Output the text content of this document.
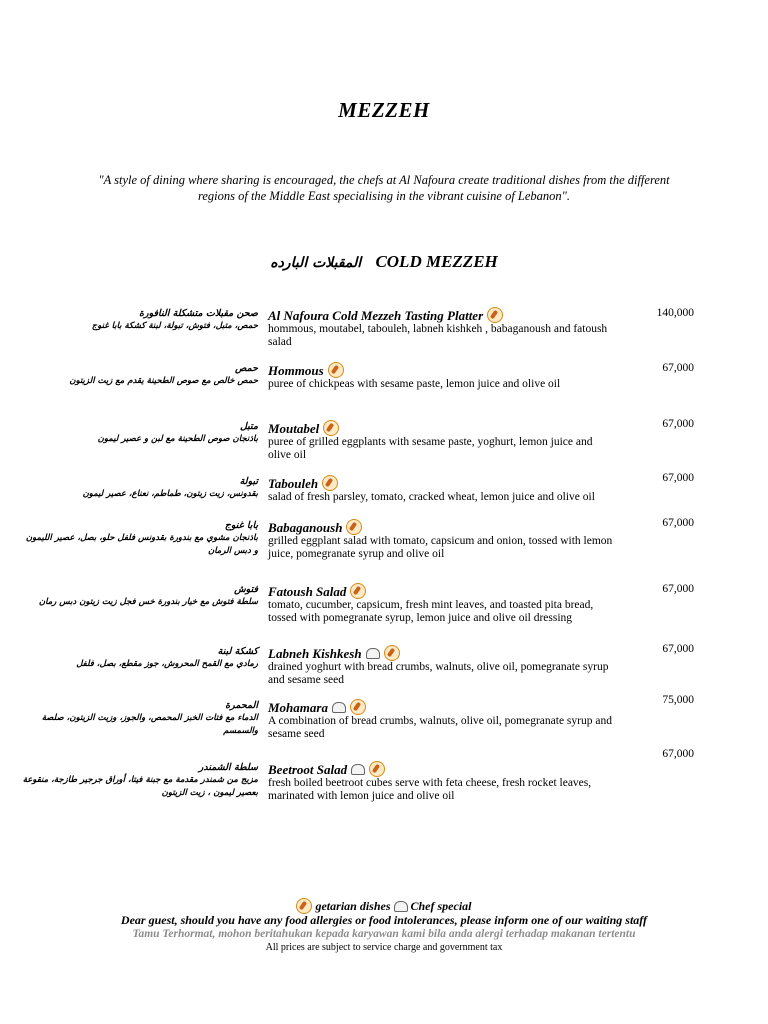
MEZZEH
"A style of dining where sharing is encouraged, the chefs at Al Nafoura create traditional dishes from the different regions of the Middle East specialising in the vibrant cuisine of Lebanon".
المقبلات البارده COLD MEZZEH
صحن مقبلات متشكلة النافورة
حمص، متبل، فتوش، تبولة، لبنة كشكة بابا غنوج
Al Nafoura Cold Mezzeh Tasting Platter
hommous, moutabel, tabouleh, labneh kishkeh , babaganoush and fatoush salad
140,000
حمص
حمص خالص مع صوص الطحينة يقدم مع زيت الزيتون
Hommous
puree of chickpeas with sesame paste, lemon juice and olive oil
67,000
متبل
باذنجان صوص الطحينة مع لبن و عصير ليمون
Moutabel
puree of grilled eggplants with sesame paste, yoghurt, lemon juice and olive oil
67,000
تبولة
بقدونس، زيت زيتون، طماطم، نعناع، عصير ليمون
Tabouleh
salad of fresh parsley, tomato, cracked wheat, lemon juice and olive oil
67,000
بابا غنوج
باذنجان مشوي مع بندورة بقدونس فلفل حلو، بصل، عصير الليمون و دبس الرمان
Babaganoush
grilled eggplant salad with tomato, capsicum and onion, tossed with lemon juice, pomegranate syrup and olive oil
67,000
فتوش
سلطة فتوش مع خيار بندورة خس فجل زيت زيتون دبس رمان
Fatoush Salad
tomato, cucumber, capsicum, fresh mint leaves, and toasted pita bread, tossed with pomegranate syrup, lemon juice and olive oil dressing
67,000
كشكة لبنة
رمادي مع القمح المحروش، جوز مقطع، بصل، فلفل
Labneh Kishkesh
drained yoghurt with bread crumbs, walnuts, olive oil, pomegranate syrup and sesame seed
67,000
المحمرة
الدماء مع فتات الخبز المحمص، والجوز، وزيت الزيتون، صلصة والسمسم
Mohamara
A combination of bread crumbs, walnuts, olive oil, pomegranate syrup and sesame seed
75,000
سلطة الشمندر
مزيج من شمندر مقدمة مع جبنة فيتا، أوراق جرجير طازجة، منقوعة بعصير ليمون ، زيت الزيتون
Beetroot Salad
fresh boiled beetroot cubes serve with feta cheese, fresh rocket leaves, marinated with lemon juice and olive oil
67,000
getarian dishes Chef special
Dear guest, should you have any food allergies or food intolerances, please inform one of our waiting staff
Tamu Terhormat, mohon beritahukan kepada karyawan kami bila anda alergi terhadap makanan tertentu
All prices are subject to service charge and government tax
